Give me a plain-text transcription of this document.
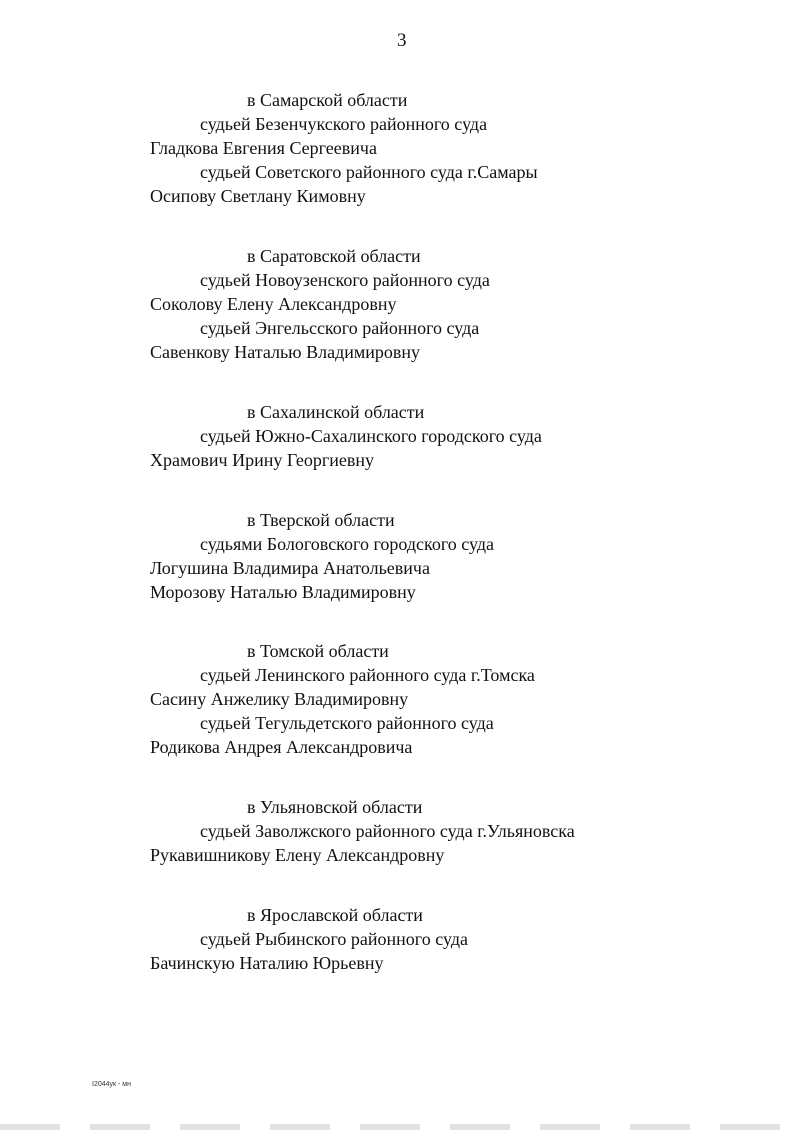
3
в Самарской области
судьей Безенчукского районного суда
Гладкова Евгения Сергеевича
судьей Советского районного суда г.Самары
Осипову Светлану Кимовну
в Саратовской области
судьей Новоузенского районного суда
Соколову Елену Александровну
судьей Энгельсского районного суда
Савенкову Наталью Владимировну
в Сахалинской области
судьей Южно-Сахалинского городского суда
Храмович Ирину Георгиевну
в Тверской области
судьями Бологовского городского суда
Логушина Владимира Анатольевича
Морозову Наталью Владимировну
в Томской области
судьей Ленинского районного суда г.Томска
Сасину Анжелику Владимировну
судьей Тегульдетского районного суда
Родикова Андрея Александровича
в Ульяновской области
судьей Заволжского районного суда г.Ульяновска
Рукавишникову Елену Александровну
в Ярославской области
судьей Рыбинского районного суда
Бачинскую Наталию Юрьевну
I2044ук - мн
